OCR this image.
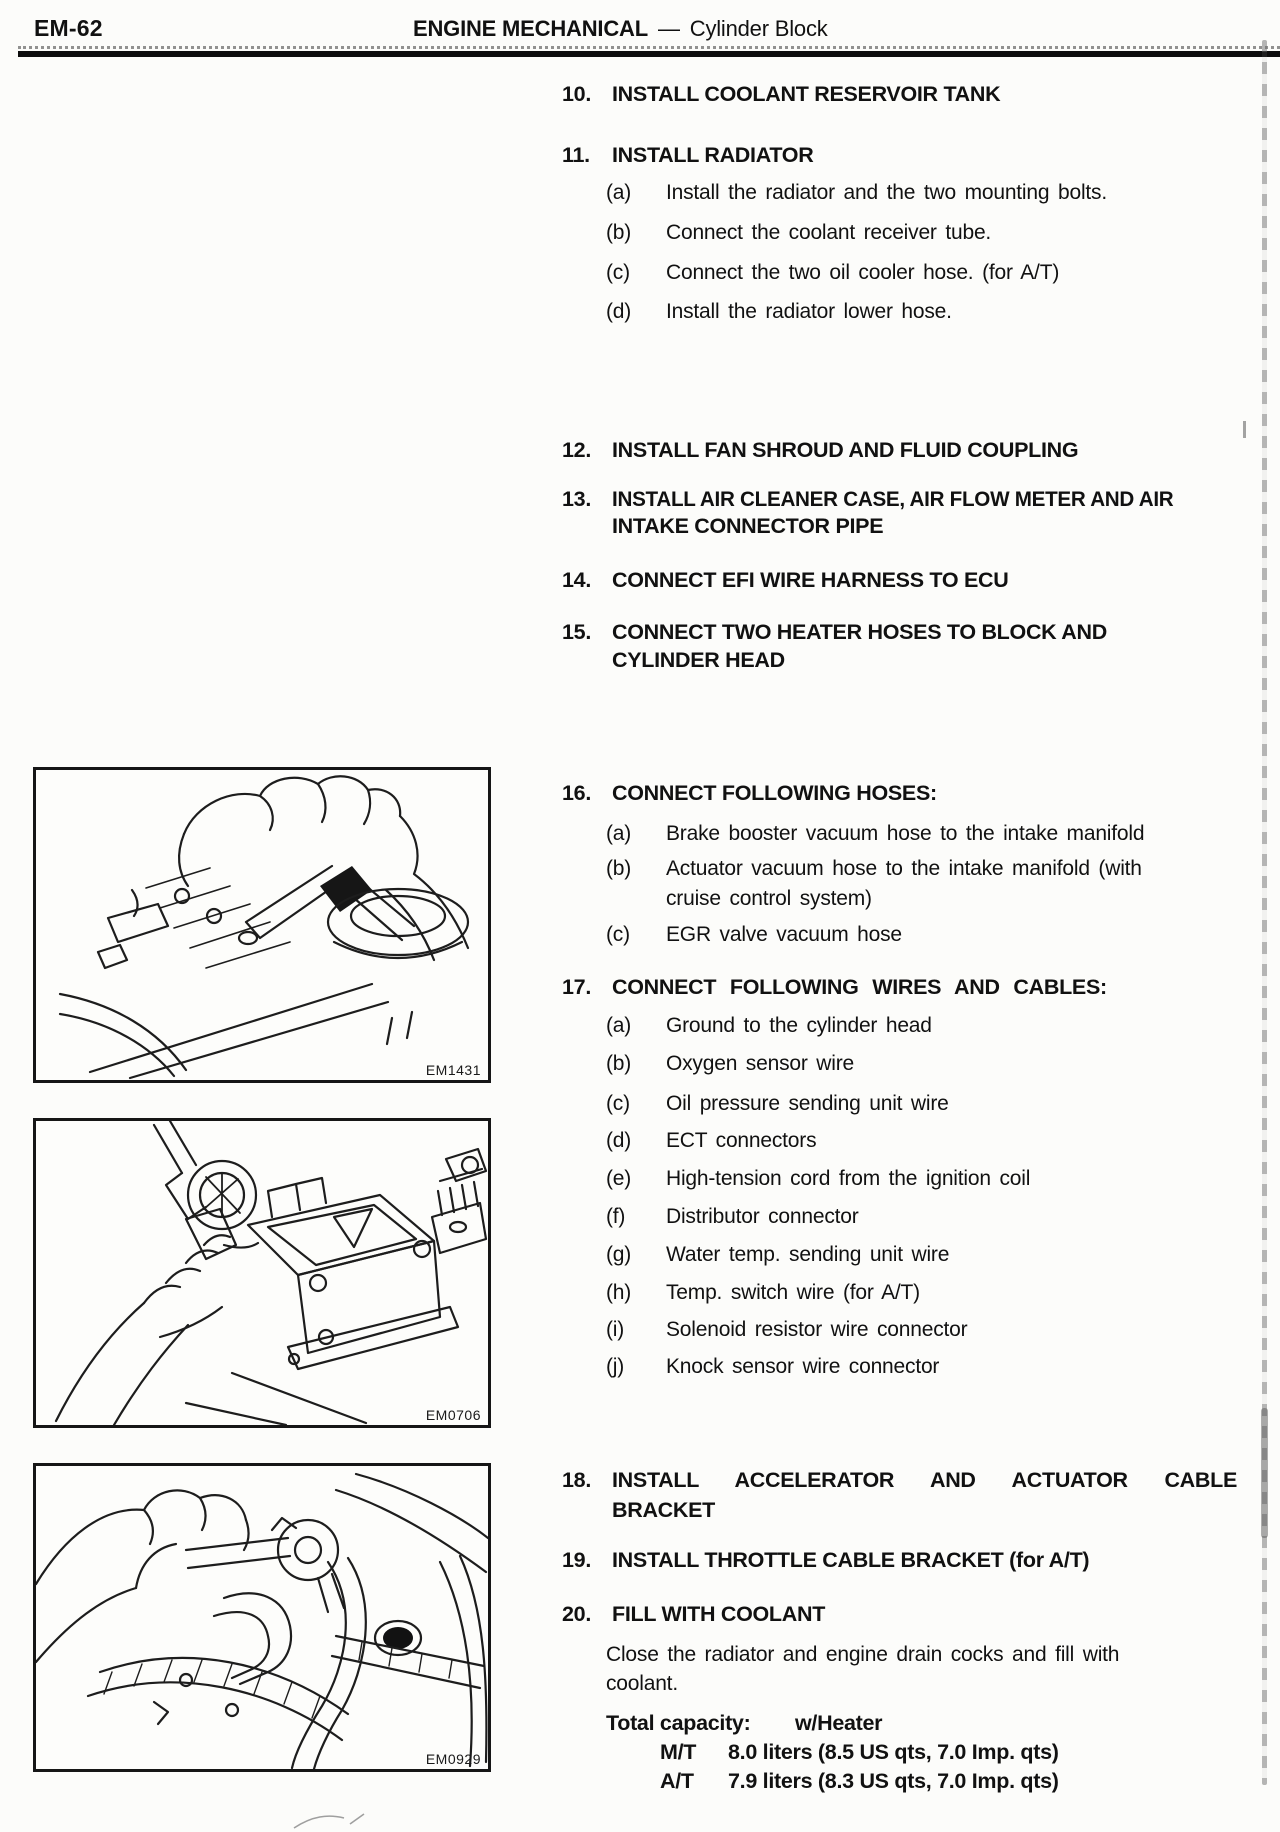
EM-62	ENGINE MECHANICAL — Cylinder Block
10. INSTALL COOLANT RESERVOIR TANK
11. INSTALL RADIATOR
(a) Install the radiator and the two mounting bolts.
(b) Connect the coolant receiver tube.
(c) Connect the two oil cooler hose. (for A/T)
(d) Install the radiator lower hose.
12. INSTALL FAN SHROUD AND FLUID COUPLING
13. INSTALL AIR CLEANER CASE, AIR FLOW METER AND AIR
INTAKE CONNECTOR PIPE
14. CONNECT EFI WIRE HARNESS TO ECU
15. CONNECT TWO HEATER HOSES TO BLOCK AND
CYLINDER HEAD
16. CONNECT FOLLOWING HOSES:
(a) Brake booster vacuum hose to the intake manifold
(b) Actuator vacuum hose to the intake manifold (with
cruise control system)
(c) EGR valve vacuum hose
17. CONNECT FOLLOWING WIRES AND CABLES:
(a) Ground to the cylinder head
(b) Oxygen sensor wire
(c) Oil pressure sending unit wire
(d) ECT connectors
(e) High-tension cord from the ignition coil
(f) Distributor connector
(g) Water temp. sending unit wire
(h) Temp. switch wire (for A/T)
(i) Solenoid resistor wire connector
(j) Knock sensor wire connector
18. INSTALL ACCELERATOR AND ACTUATOR CABLE
BRACKET
19. INSTALL THROTTLE CABLE BRACKET (for A/T)
20. FILL WITH COOLANT
Close the radiator and engine drain cocks and fill with
coolant.
Total capacity: w/Heater
M/T 8.0 liters (8.5 US qts, 7.0 Imp. qts)
A/T 7.9 liters (8.3 US qts, 7.0 Imp. qts)
EM1431
EM0706
EM0929
